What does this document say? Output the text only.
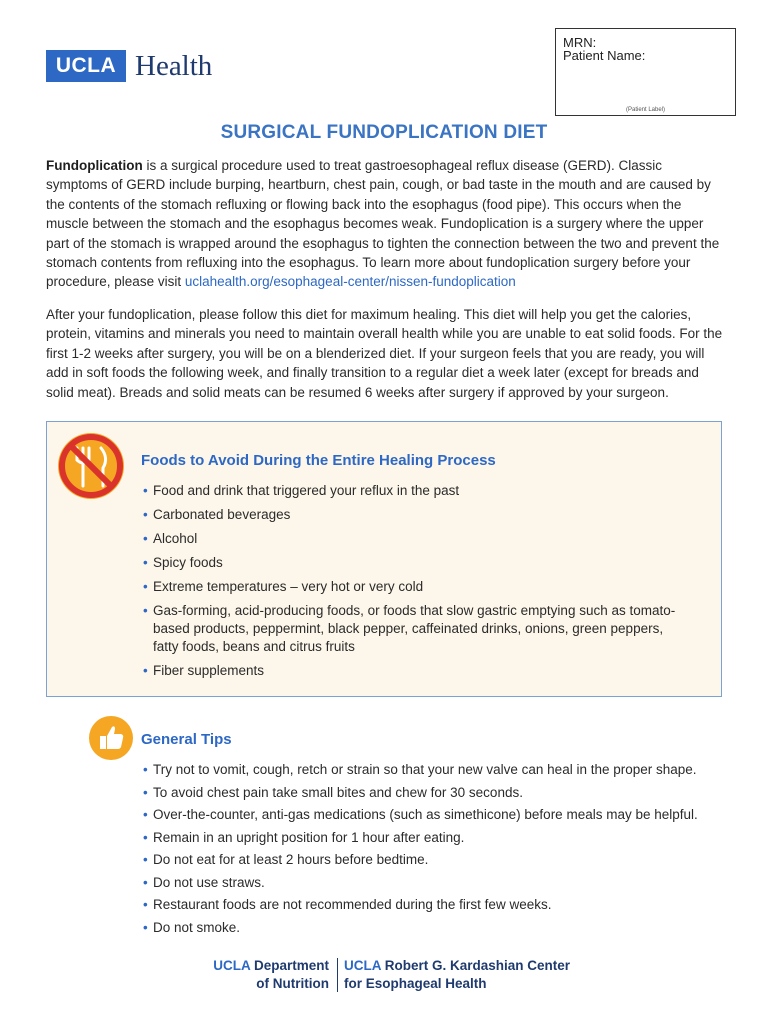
UCLA Health
MRN:
Patient Name:
(Patient Label)
SURGICAL FUNDOPLICATION DIET

Fundoplication is a surgical procedure used to treat gastroesophageal reflux disease (GERD). Classic symptoms of GERD include burping, heartburn, chest pain, cough, or bad taste in the mouth and are caused by the contents of the stomach refluxing or flowing back into the esophagus (food pipe). This occurs when the muscle between the stomach and the esophagus becomes weak. Fundoplication is a surgery where the upper part of the stomach is wrapped around the esophagus to tighten the connection between the two and prevent the stomach contents from refluxing into the esophagus. To learn more about fundoplication surgery before your procedure, please visit uclahealth.org/esophageal-center/nissen-fundoplication

After your fundoplication, please follow this diet for maximum healing. This diet will help you get the calories, protein, vitamins and minerals you need to maintain overall health while you are unable to eat solid foods. For the first 1-2 weeks after surgery, you will be on a blenderized diet. If your surgeon feels that you are ready, you will add in soft foods the following week, and finally transition to a regular diet a week later (except for breads and solid meat). Breads and solid meats can be resumed 6 weeks after surgery if approved by your surgeon.

Foods to Avoid During the Entire Healing Process
• Food and drink that triggered your reflux in the past
• Carbonated beverages
• Alcohol
• Spicy foods
• Extreme temperatures – very hot or very cold
• Gas-forming, acid-producing foods, or foods that slow gastric emptying such as tomato-based products, peppermint, black pepper, caffeinated drinks, onions, green peppers, fatty foods, beans and citrus fruits
• Fiber supplements
General Tips
• Try not to vomit, cough, retch or strain so that your new valve can heal in the proper shape.
• To avoid chest pain take small bites and chew for 30 seconds.
• Over-the-counter, anti-gas medications (such as simethicone) before meals may be helpful.
• Remain in an upright position for 1 hour after eating.
• Do not eat for at least 2 hours before bedtime.
• Do not use straws.
• Restaurant foods are not recommended during the first few weeks.
• Do not smoke.
UCLA Department
of Nutrition
UCLA Robert G. Kardashian Center
for Esophageal Health
